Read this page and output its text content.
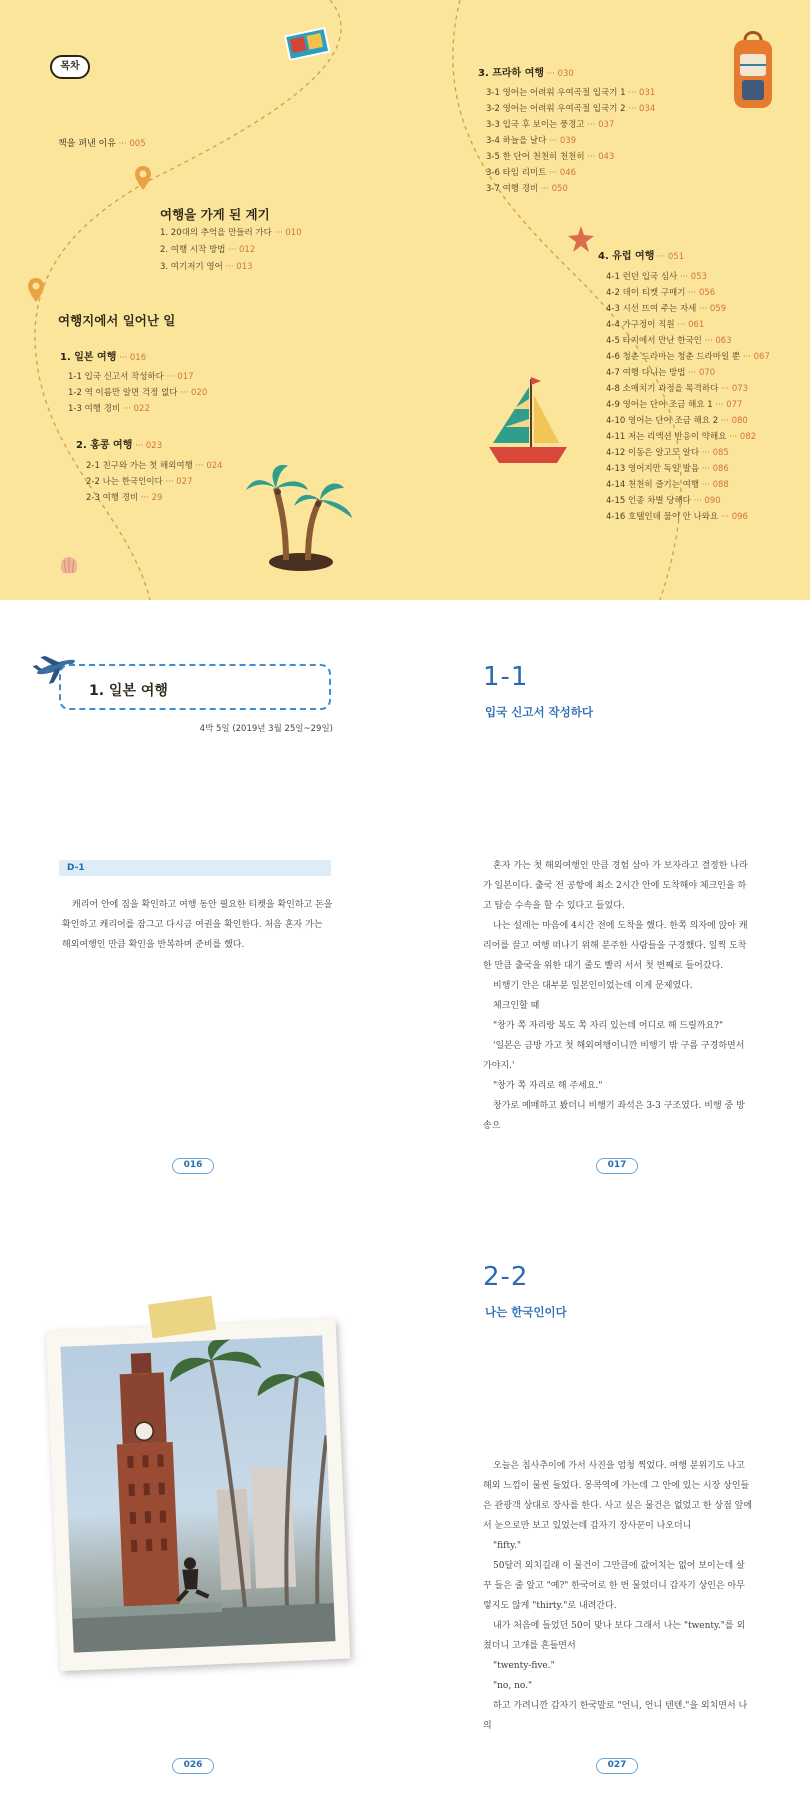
목차
책을 펴낸 이유 ··· 005
여행을 가게 된 계기
1. 20대의 추억을 만들러 가다 ··· 010
2. 여행 시작 방법 ··· 012
3. 여기저기 영어 ··· 013
여행지에서 일어난 일
1. 일본 여행 ··· 016
1-1 입국 신고서 작성하다 ··· 017
1-2 역 이름만 알면 걱정 없다 ··· 020
1-3 여행 경비 ··· 022
2. 홍콩 여행 ··· 023
2-1 친구와 가는 첫 해외여행 ··· 024
2-2 나는 한국인이다 ··· 027
2-3 여행 경비 ··· 29
3. 프라하 여행 ··· 030
3-1 영어는 어려워 우여곡절 입국기 1 ··· 031
3-2 영어는 어려워 우여곡절 입국기 2 ··· 034
3-3 입국 후 보이는 풍경고 ··· 037
3-4 하늘을 날다 ··· 039
3-5 한 단어 천천히 천천히 ··· 043
3-6 타임 리미트 ··· 046
3-7 여행 경비 ··· 050
4. 유럽 여행 ··· 051
4-1 런던 입국 심사 ··· 053
4-2 데이 티켓 구매기 ··· 056
4-3 시선 뜨여 주는 자세 ··· 059
4-4 가구정이 직원 ··· 061
4-5 타지에서 만난 한국인 ··· 063
4-6 청춘 드라마는 청춘 드라마일 뿐 ··· 067
4-7 여행 다니는 방법 ··· 070
4-8 소매치기 과정을 목격하다 ··· 073
4-9 영어는 단어 조금 해요 1 ··· 077
4-10 영어는 단어 조금 해요 2 ··· 080
4-11 저는 리액션 반응이 약해요 ··· 082
4-12 이동은 알고도 알다 ··· 085
4-13 영어지만 독일 발음 ··· 086
4-14 천천히 즐기는 여행 ··· 088
4-15 인종 차별 당해다 ··· 090
4-16 호텔인데 물이 안 나와요 ··· 096
1. 일본 여행
4박 5일 (2019년 3월 25일~29일)
D-1

캐리어 안에 짐을 확인하고 여행 동안 필요한 티켓을 확인하고 돈을 확인하고 캐리어를 잠그고 다시금 여권을 확인한다. 처음 혼자 가는 해외여행인 만큼 확인을 반복하며 준비를 했다.

016
1-1
입국 신고서 작성하다

혼자 가는 첫 해외여행인 만큼 경험 삼아 가 보자라고 결정한 나라가 일본이다. 출국 전 공항에 최소 2시간 안에 도착해야 체크인을 하고 탑승 수속을 할 수 있다고 들었다.

나는 설레는 마음에 4시간 전에 도착을 했다. 한쪽 의자에 앉아 캐리어를 끌고 여행 떠나기 위해 분주한 사람들을 구경했다. 일찍 도착한 만큼 출국을 위한 대기 줄도 빨리 서서 첫 번째로 들어갔다.

비행기 안은 대부분 일본인이었는데 이게 문제였다.

체크인할 때

"창가 쪽 자리랑 복도 쪽 자리 있는데 어디로 해 드릴까요?"

'일본은 금방 가고 첫 해외여행이니깐 비행기 밖 구름 구경하면서 가야지.'

"창가 쪽 자리로 해 주세요."

창가로 예매하고 봤더니 비행기 좌석은 3-3 구조였다. 비행 중 방송으

017
026
2-2
나는 한국인이다

오늘은 침사추이에 가서 사진을 엄청 찍었다. 여행 분위기도 나고 해외 느낌이 물씬 들었다. 몽콕역에 가는데 그 안에 있는 시장 상인들은 관광객 상대로 장사를 한다. 사고 싶은 물건은 없었고 한 상점 앞에서 눈으로만 보고 있었는데 갑자기 장사꾼이 나오더니

"fifty."

50달러 외치길래 이 물건이 그만큼에 값어치는 없어 보이는데 살꾸 들은 줄 알고 "예?" 한국어로 한 번 물었더니 갑자기 상인은 아무렇지도 않게 "thirty."로 내려간다.

내가 처음에 들었던 50이 맞나 보다 그래서 나는 "twenty."를 외쳤더니 고개를 흔들면서

"twenty-five."

"no, no."

하고 가려니깐 갑자기 한국말로 "언니, 언니 텐텐."을 외치면서 나의

027
